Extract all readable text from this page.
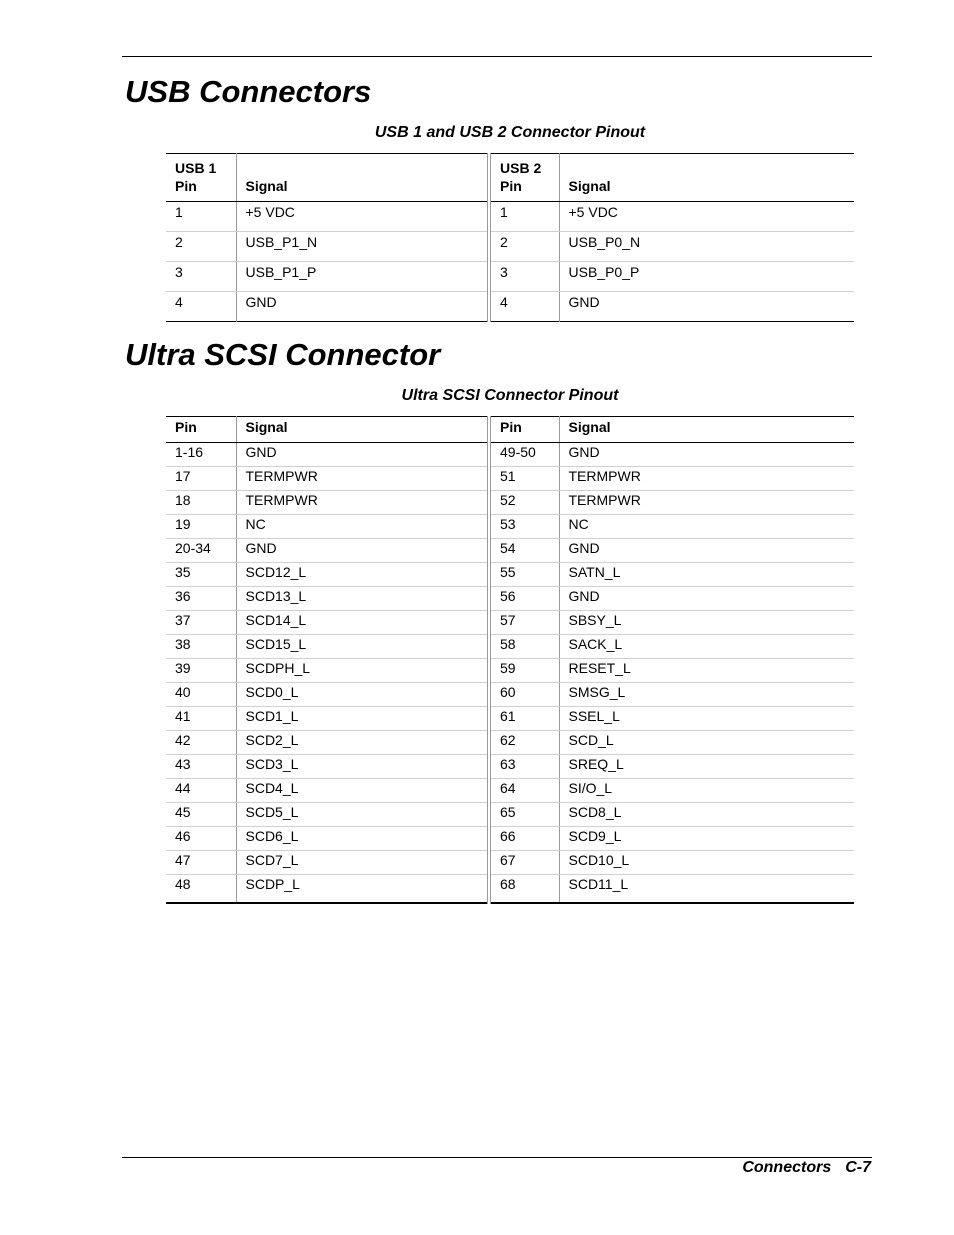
USB Connectors

USB 1 and USB 2 Connector Pinout

USB 1 Pin	Signal	USB 2 Pin	Signal
1	+5 VDC	1	+5 VDC
2	USB_P1_N	2	USB_P0_N
3	USB_P1_P	3	USB_P0_P
4	GND	4	GND
Ultra SCSI Connector

Ultra SCSI Connector Pinout

Pin	Signal	Pin	Signal
1-16	GND	49-50	GND
17	TERMPWR	51	TERMPWR
18	TERMPWR	52	TERMPWR
19	NC	53	NC
20-34	GND	54	GND
35	SCD12_L	55	SATN_L
36	SCD13_L	56	GND
37	SCD14_L	57	SBSY_L
38	SCD15_L	58	SACK_L
39	SCDPH_L	59	RESET_L
40	SCD0_L	60	SMSG_L
41	SCD1_L	61	SSEL_L
42	SCD2_L	62	SCD_L
43	SCD3_L	63	SREQ_L
44	SCD4_L	64	SI/O_L
45	SCD5_L	65	SCD8_L
46	SCD6_L	66	SCD9_L
47	SCD7_L	67	SCD10_L
48	SCDP_L	68	SCD11_L

Connectors C-7
